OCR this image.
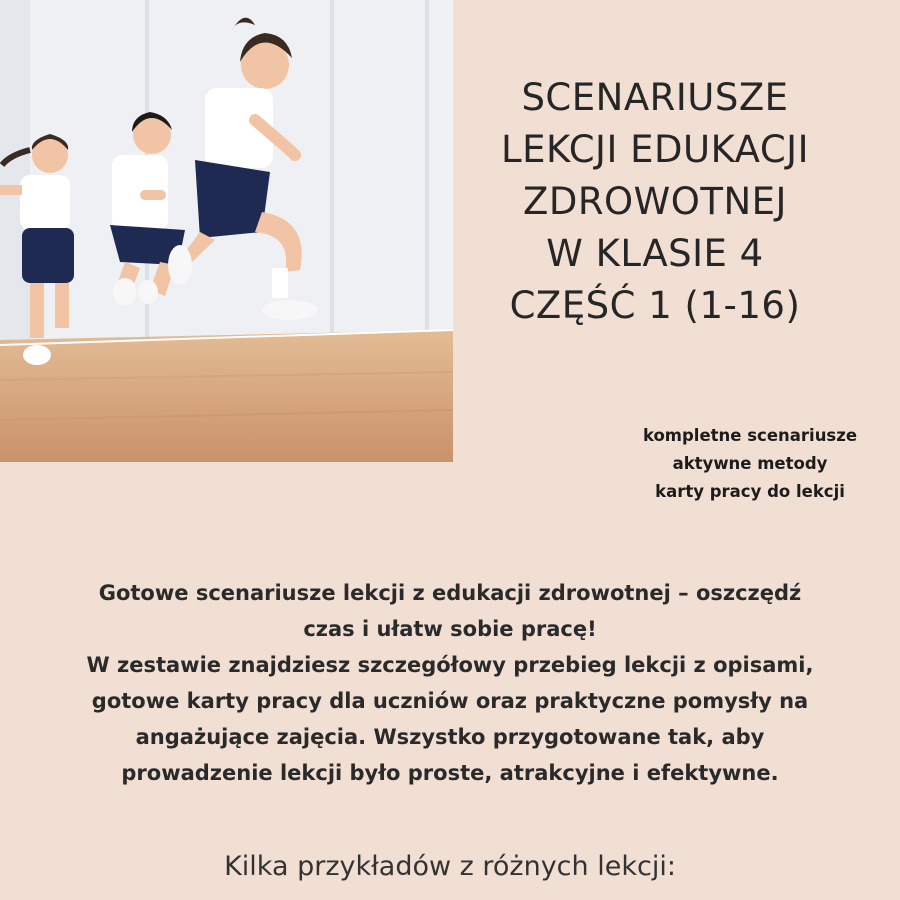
SCENARIUSZE
LEKCJI EDUKACJI
ZDROWOTNEJ
W KLASIE 4
CZĘŚĆ 1 (1-16)
kompletne scenariusze
aktywne metody
karty pracy do lekcji

Gotowe scenariusze lekcji z edukacji zdrowotnej – oszczędź
czas i ułatw sobie pracę!
W zestawie znajdziesz szczegółowy przebieg lekcji z opisami,
gotowe karty pracy dla uczniów oraz praktyczne pomysły na
angażujące zajęcia. Wszystko przygotowane tak, aby
prowadzenie lekcji było proste, atrakcyjne i efektywne.

Kilka przykładów z różnych lekcji:
